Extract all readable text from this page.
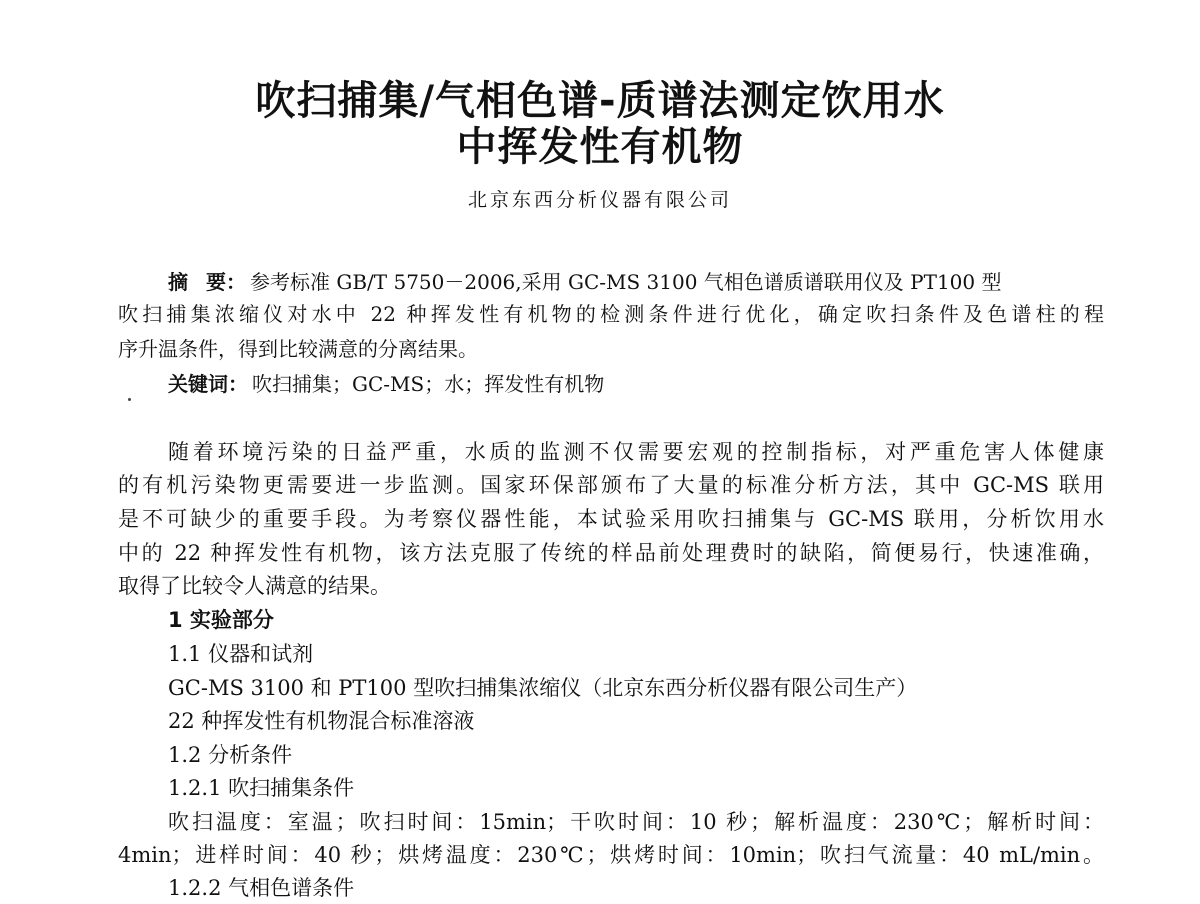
吹扫捕集/气相色谱-质谱法测定饮用水
中挥发性有机物
北京东西分析仪器有限公司
摘 要： 参考标准 GB/T 5750－2006,采用 GC-MS 3100 气相色谱质谱联用仪及 PT100 型
吹扫捕集浓缩仪对水中 22 种挥发性有机物的检测条件进行优化，确定吹扫条件及色谱柱的程
序升温条件，得到比较满意的分离结果。
关键词： 吹扫捕集；GC-MS；水；挥发性有机物
随着环境污染的日益严重，水质的监测不仅需要宏观的控制指标，对严重危害人体健康
的有机污染物更需要进一步监测。国家环保部颁布了大量的标准分析方法，其中 GC-MS 联用
是不可缺少的重要手段。为考察仪器性能，本试验采用吹扫捕集与 GC-MS 联用，分析饮用水
中的 22 种挥发性有机物，该方法克服了传统的样品前处理费时的缺陷，简便易行，快速准确，
取得了比较令人满意的结果。
1 实验部分
1.1 仪器和试剂
GC-MS 3100 和 PT100 型吹扫捕集浓缩仪（北京东西分析仪器有限公司生产）
22 种挥发性有机物混合标准溶液
1.2 分析条件
1.2.1 吹扫捕集条件
吹扫温度：室温；吹扫时间：15min；干吹时间：10 秒；解析温度：230℃；解析时间：
4min；进样时间：40 秒；烘烤温度：230℃；烘烤时间：10min；吹扫气流量：40 mL/min。
1.2.2 气相色谱条件
